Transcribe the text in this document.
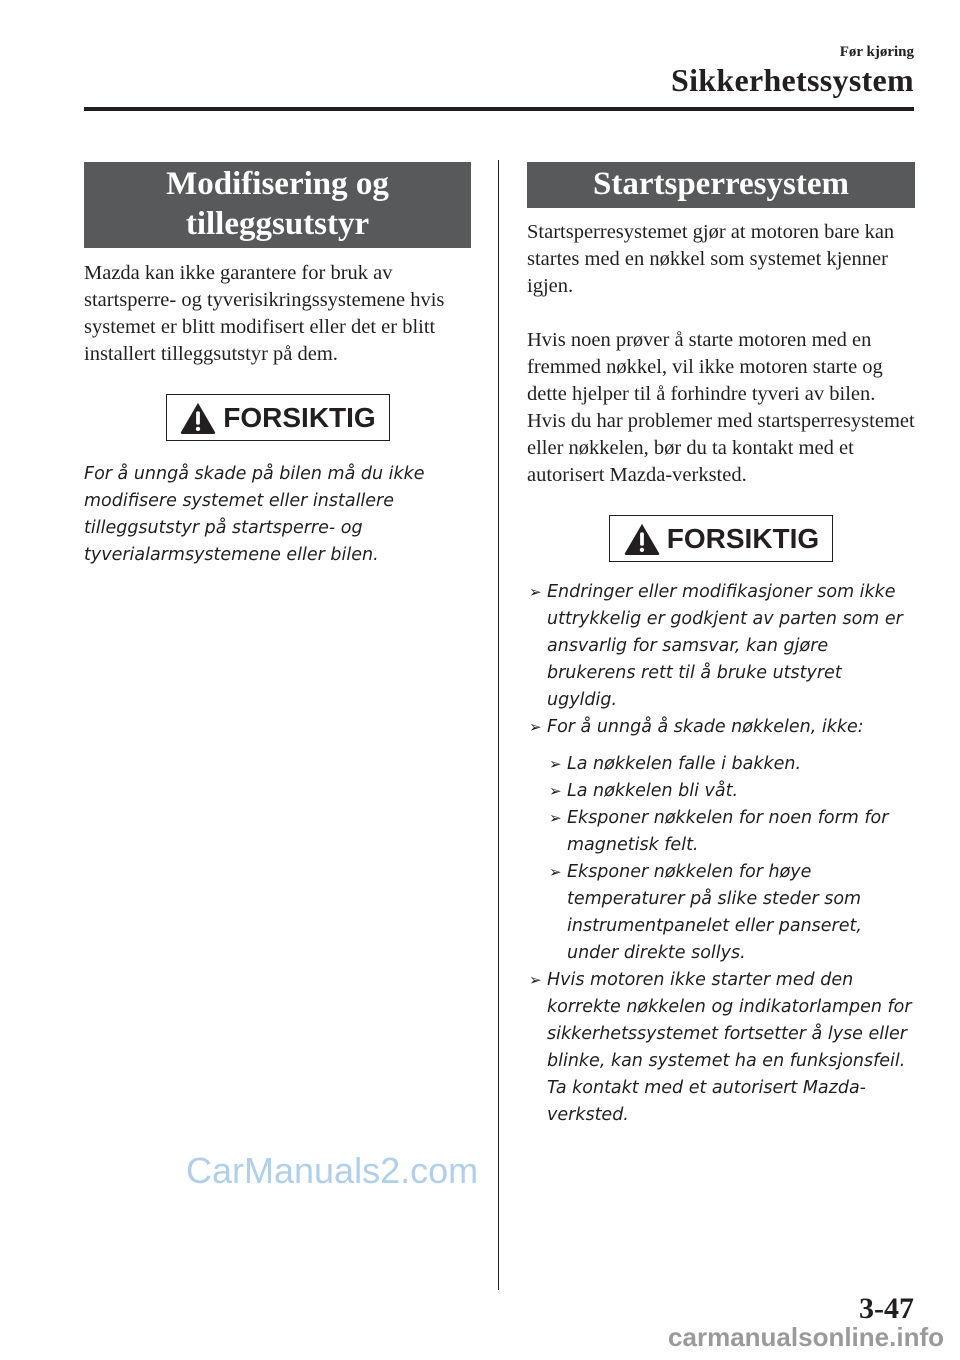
Før kjøring
Sikkerhetssystem
Modifisering og
tilleggsutstyr

Mazda kan ikke garantere for bruk av startsperre- og tyverisikringssystemene hvis systemet er blitt modifisert eller det er blitt installert tilleggsutstyr på dem.

FORSIKTIG

For å unngå skade på bilen må du ikke modifisere systemet eller installere tilleggsutstyr på startsperre- og tyverialarmsystemene eller bilen.

Startsperresystem

Startsperresystemet gjør at motoren bare kan startes med en nøkkel som systemet kjenner igjen.

Hvis noen prøver å starte motoren med en fremmed nøkkel, vil ikke motoren starte og dette hjelper til å forhindre tyveri av bilen.

Hvis du har problemer med startsperresystemet eller nøkkelen, bør du ta kontakt med et autorisert Mazda-verksted.

FORSIKTIG
➢ Endringer eller modifikasjoner som ikke uttrykkelig er godkjent av parten som er ansvarlig for samsvar, kan gjøre brukerens rett til å bruke utstyret ugyldig.
➢ For å unngå å skade nøkkelen, ikke:
➢ La nøkkelen falle i bakken.
➢ La nøkkelen bli våt.
➢ Eksponer nøkkelen for noen form for magnetisk felt.
➢ Eksponer nøkkelen for høye temperaturer på slike steder som instrumentpanelet eller panseret, under direkte sollys.
➢ Hvis motoren ikke starter med den korrekte nøkkelen og indikatorlampen for sikkerhetssystemet fortsetter å lyse eller blinke, kan systemet ha en funksjonsfeil. Ta kontakt med et autorisert Mazda-verksted.
CarManuals2.com
3-47
carmanualsonline.info
